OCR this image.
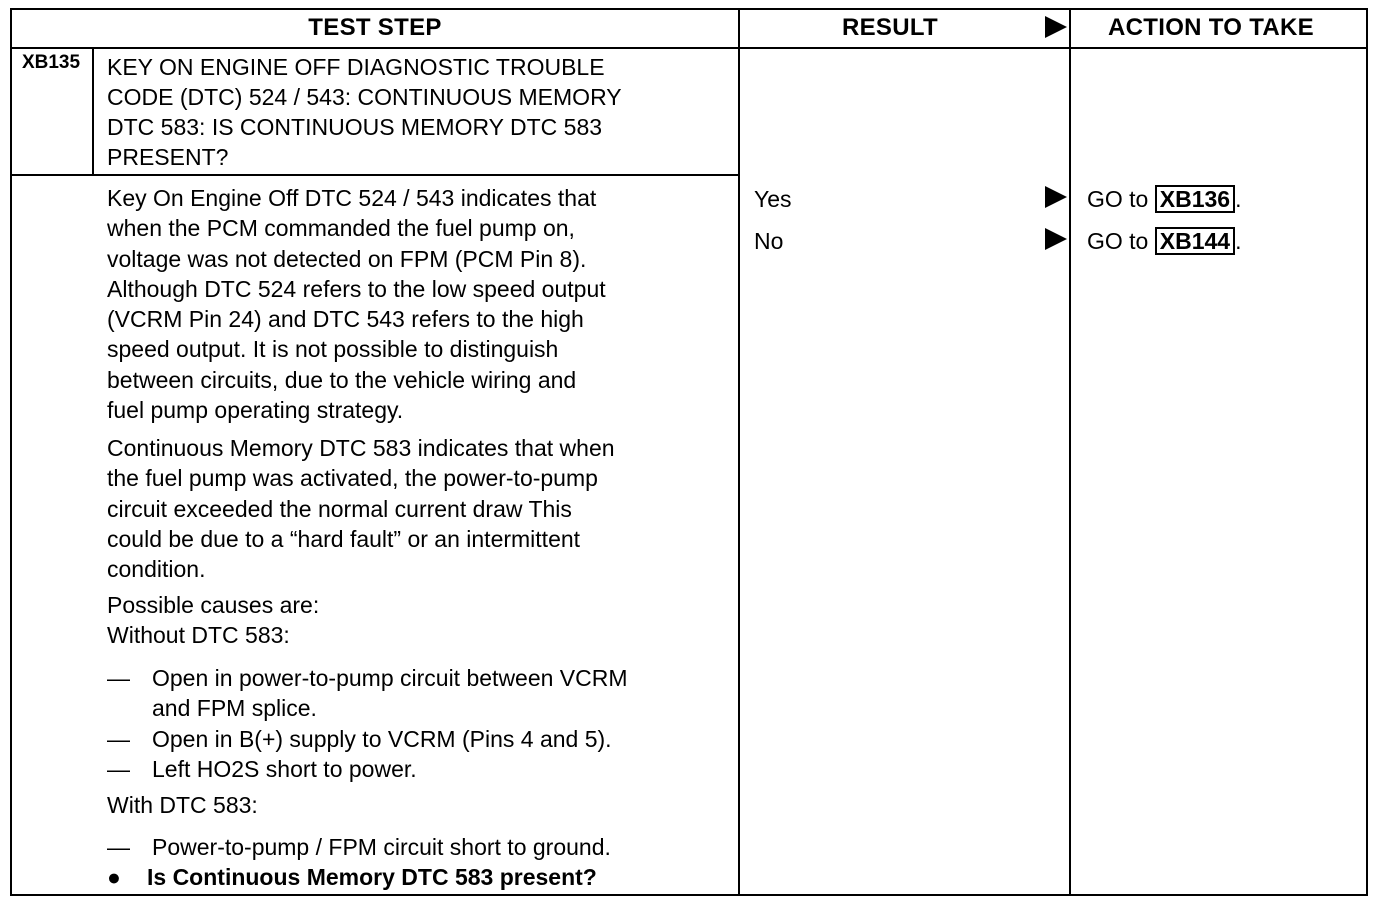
TEST STEP	RESULT	ACTION TO TAKE
XB135	KEY ON ENGINE OFF DIAGNOSTIC TROUBLE
CODE (DTC) 524 / 543: CONTINUOUS MEMORY
DTC 583: IS CONTINUOUS MEMORY DTC 583
PRESENT?
Key On Engine Off DTC 524 / 543 indicates that
when the PCM commanded the fuel pump on,
voltage was not detected on FPM (PCM Pin 8).
Although DTC 524 refers to the low speed output
(VCRM Pin 24) and DTC 543 refers to the high
speed output. It is not possible to distinguish
between circuits, due to the vehicle wiring and
fuel pump operating strategy.
Continuous Memory DTC 583 indicates that when
the fuel pump was activated, the power-to-pump
circuit exceeded the normal current draw This
could be due to a “hard fault” or an intermittent
condition.
Possible causes are:
Without DTC 583:
— Open in power-to-pump circuit between VCRM
and FPM splice.
— Open in B(+) supply to VCRM (Pins 4 and 5).
— Left HO2S short to power.
With DTC 583:
— Power-to-pump / FPM circuit short to ground.
●	Is Continuous Memory DTC 583 present?
Yes	GO to XB136 .
No	GO to XB144 .
